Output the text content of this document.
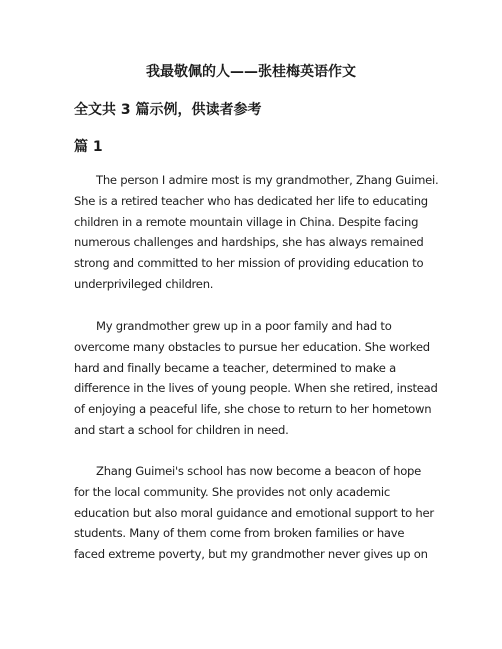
我最敬佩的人——张桂梅英语作文
全文共 3 篇示例，供读者参考
篇 1
The person I admire most is my grandmother, Zhang Guimei.
She is a retired teacher who has dedicated her life to educating
children in a remote mountain village in China. Despite facing
numerous challenges and hardships, she has always remained
strong and committed to her mission of providing education to
underprivileged children.
My grandmother grew up in a poor family and had to
overcome many obstacles to pursue her education. She worked
hard and finally became a teacher, determined to make a
difference in the lives of young people. When she retired, instead
of enjoying a peaceful life, she chose to return to her hometown
and start a school for children in need.
Zhang Guimei's school has now become a beacon of hope
for the local community. She provides not only academic
education but also moral guidance and emotional support to her
students. Many of them come from broken families or have
faced extreme poverty, but my grandmother never gives up on
